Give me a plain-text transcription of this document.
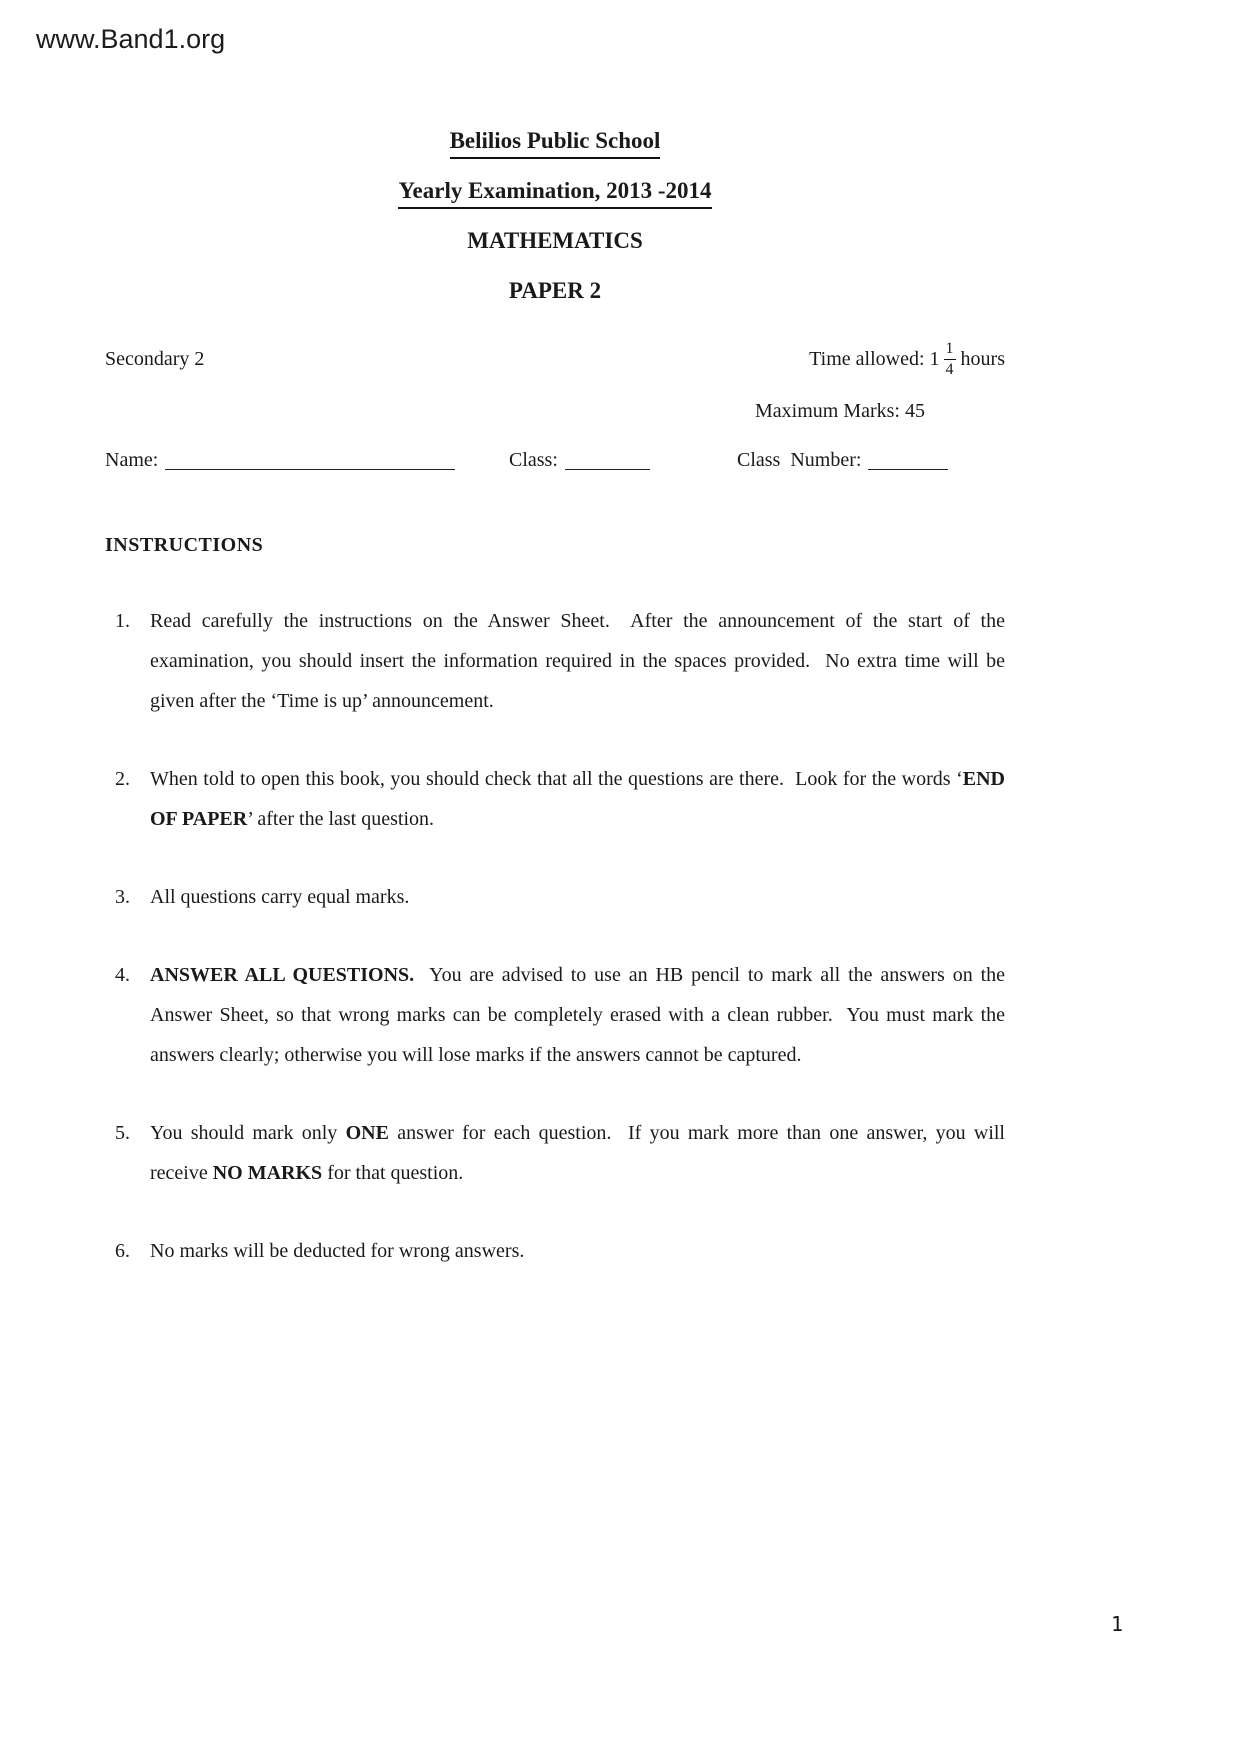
www.Band1.org
Belilios Public School
Yearly Examination, 2013 -2014
MATHEMATICS
PAPER 2
Secondary 2	Time allowed: $1 \frac{1}{4}$ hours
Maximum Marks: 45
Name:	Class:	Class  Number:
INSTRUCTIONS
1.	Read carefully the instructions on the Answer Sheet.  After the announcement of the start of the examination, you should insert the information required in the spaces provided.  No extra time will be given after the ‘Time is up’ announcement.
2.	When told to open this book, you should check that all the questions are there.  Look for the words ‘END OF PAPER’ after the last question.
3.	All questions carry equal marks.
4.	ANSWER ALL QUESTIONS.  You are advised to use an HB pencil to mark all the answers on the Answer Sheet, so that wrong marks can be completely erased with a clean rubber.  You must mark the answers clearly; otherwise you will lose marks if the answers cannot be captured.
5.	You should mark only ONE answer for each question.  If you mark more than one answer, you will receive NO MARKS for that question.
6.	No marks will be deducted for wrong answers.
1
